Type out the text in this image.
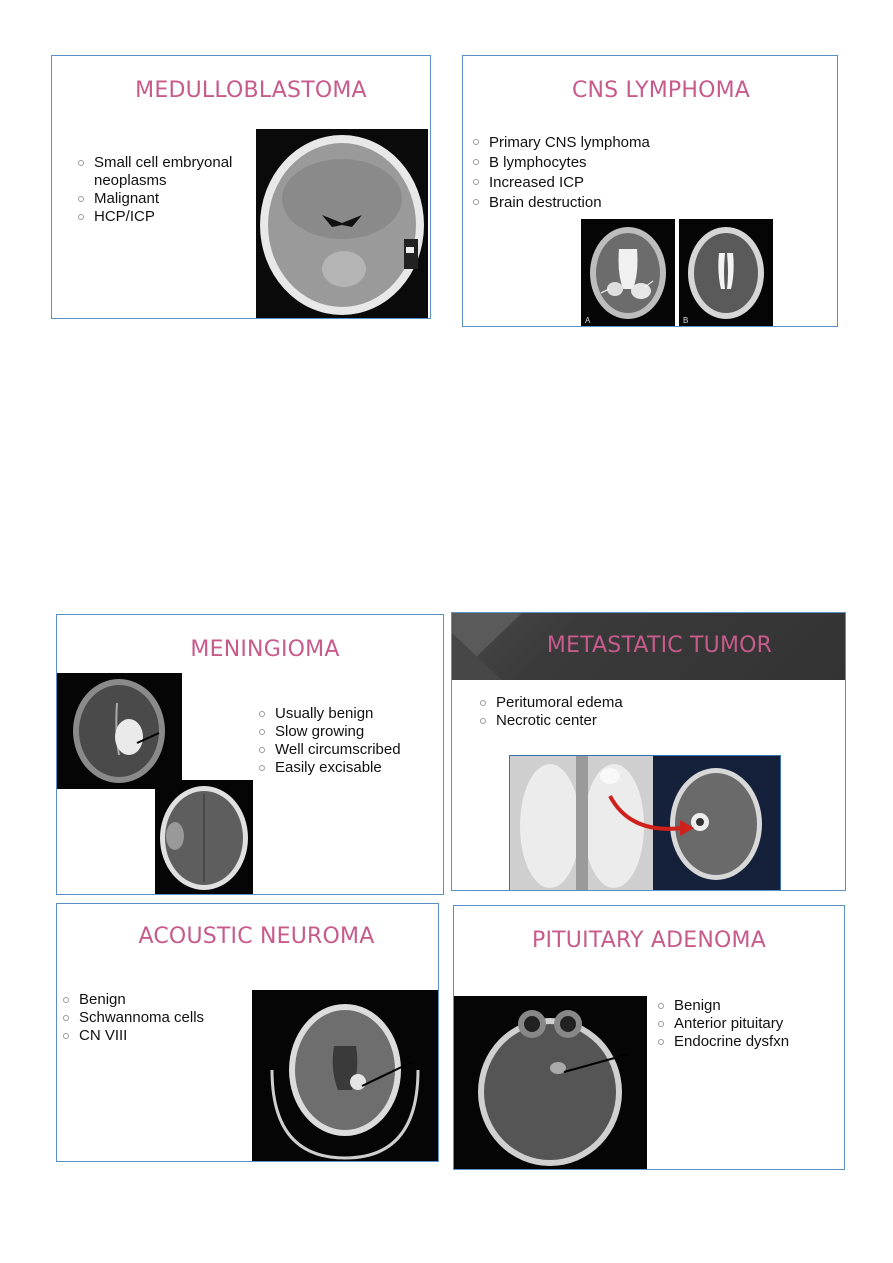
MEDULLOBLASTOMA
Small cell embryonal neoplasms
Malignant
HCP/ICP
CNS LYMPHOMA
Primary CNS lymphoma
B lymphocytes
Increased ICP
Brain destruction
A	B
MENINGIOMA
Usually benign
Slow growing
Well circumscribed
Easily excisable
METASTATIC TUMOR
Peritumoral edema
Necrotic center
ACOUSTIC NEUROMA
Benign
Schwannoma cells
CN VIII
PITUITARY ADENOMA
Benign
Anterior pituitary
Endocrine dysfxn
